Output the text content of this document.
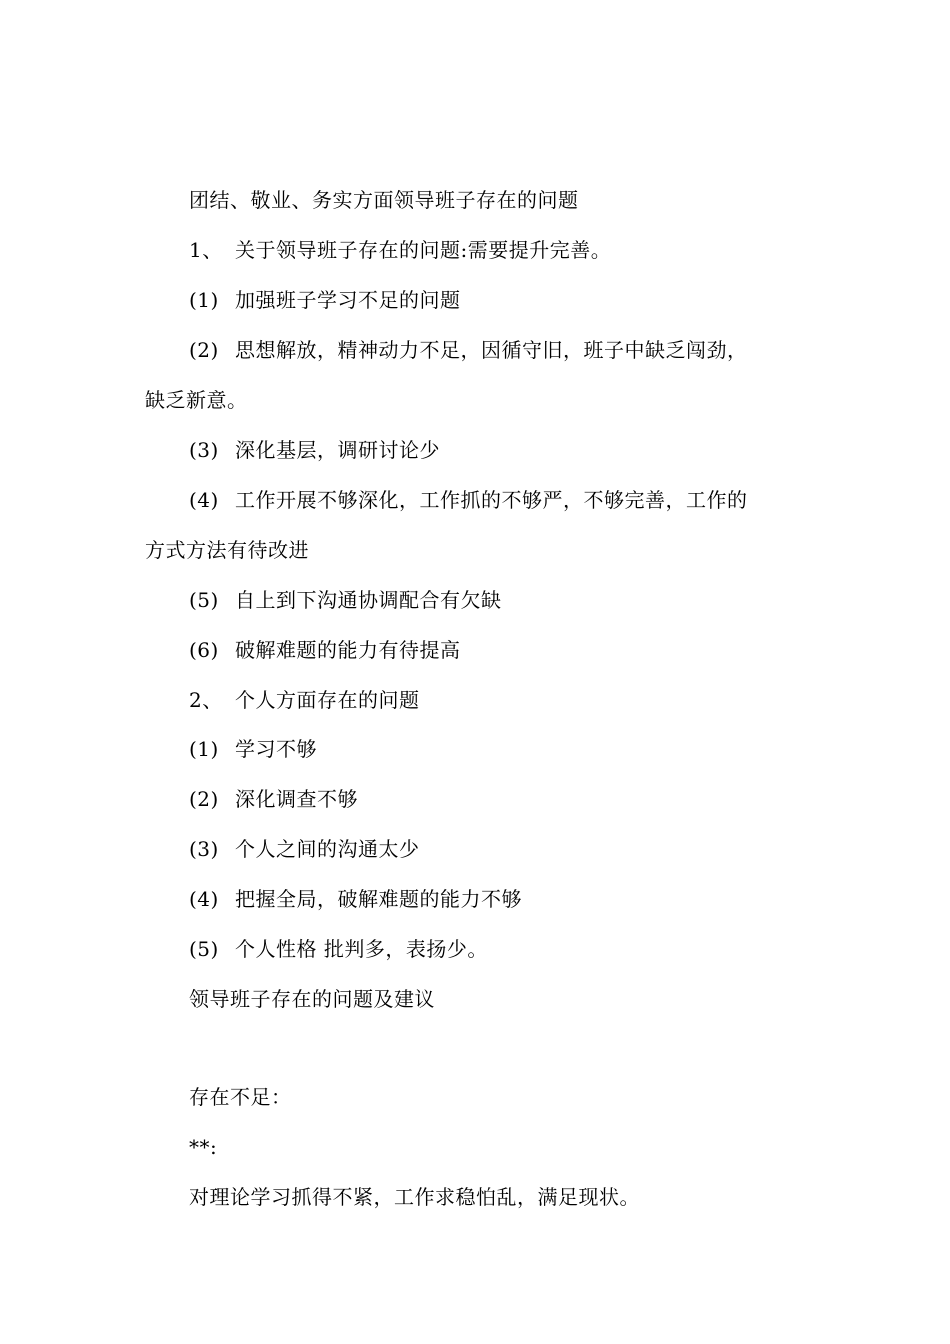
团结、敬业、务实方面领导班子存在的问题
1、 关于领导班子存在的问题:需要提升完善。
(1) 加强班子学习不足的问题
(2) 思想解放，精神动力不足，因循守旧，班子中缺乏闯劲，
缺乏新意。
(3) 深化基层，调研讨论少
(4) 工作开展不够深化，工作抓的不够严，不够完善，工作的
方式方法有待改进
(5) 自上到下沟通协调配合有欠缺
(6) 破解难题的能力有待提高
2、 个人方面存在的问题
(1) 学习不够
(2) 深化调查不够
(3) 个人之间的沟通太少
(4) 把握全局，破解难题的能力不够
(5) 个人性格 批判多，表扬少。
领导班子存在的问题及建议
存在不足：
**:
对理论学习抓得不紧，工作求稳怕乱，满足现状。
